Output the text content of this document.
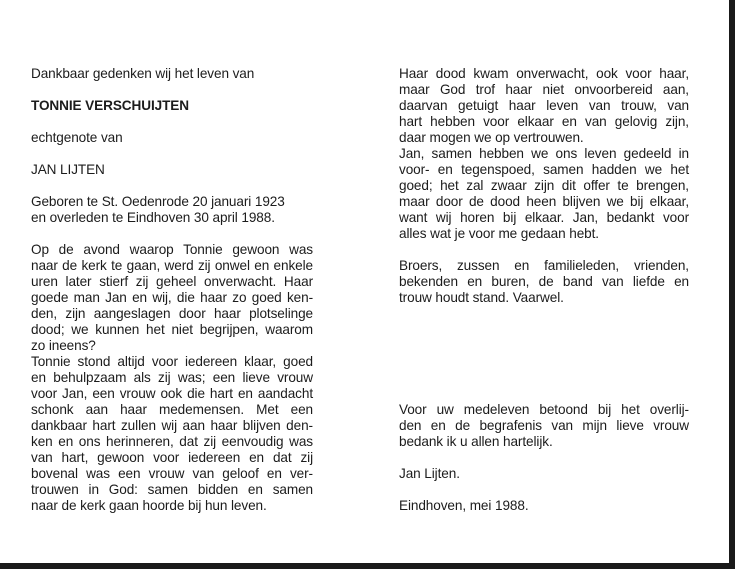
Dankbaar gedenken wij het leven van

TONNIE VERSCHUIJTEN

echtgenote van

JAN LIJTEN

Geboren te St. Oedenrode 20 januari 1923

en overleden te Eindhoven 30 april 1988.

Op de avond waarop Tonnie gewoon was

naar de kerk te gaan, werd zij onwel en enkele

uren later stierf zij geheel onverwacht. Haar

goede man Jan en wij, die haar zo goed ken-

den, zijn aangeslagen door haar plotselinge

dood; we kunnen het niet begrijpen, waarom

zo ineens?

Tonnie stond altijd voor iedereen klaar, goed

en behulpzaam als zij was; een lieve vrouw

voor Jan, een vrouw ook die hart en aandacht

schonk aan haar medemensen. Met een

dankbaar hart zullen wij aan haar blijven den-

ken en ons herinneren, dat zij eenvoudig was

van hart, gewoon voor iedereen en dat zij

bovenal was een vrouw van geloof en ver-

trouwen in God: samen bidden en samen

naar de kerk gaan hoorde bij hun leven.

Haar dood kwam onverwacht, ook voor haar,

maar God trof haar niet onvoorbereid aan,

daarvan getuigt haar leven van trouw, van

hart hebben voor elkaar en van gelovig zijn,

daar mogen we op vertrouwen.

Jan, samen hebben we ons leven gedeeld in

voor- en tegenspoed, samen hadden we het

goed; het zal zwaar zijn dit offer te brengen,

maar door de dood heen blijven we bij elkaar,

want wij horen bij elkaar. Jan, bedankt voor

alles wat je voor me gedaan hebt.

Broers, zussen en familieleden, vrienden,

bekenden en buren, de band van liefde en

trouw houdt stand. Vaarwel.

Voor uw medeleven betoond bij het overlij-

den en de begrafenis van mijn lieve vrouw

bedank ik u allen hartelijk.

Jan Lijten.

Eindhoven, mei 1988.
